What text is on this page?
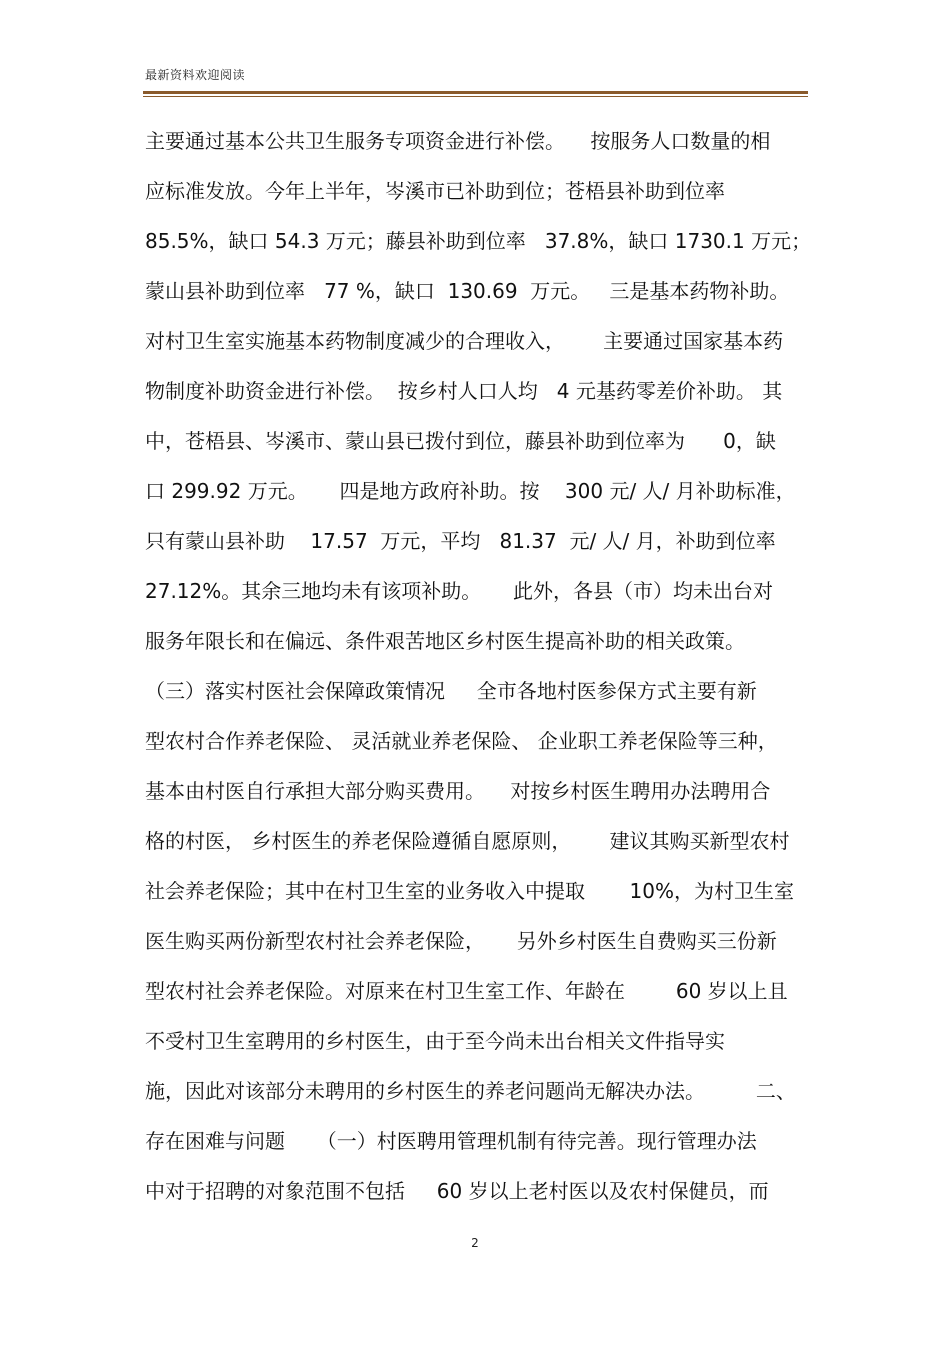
最新资料欢迎阅读
主要通过基本公共卫生服务专项资金进行补偿。    按服务人口数量的相
应标准发放。今年上半年，岑溪市已补助到位；苍梧县补助到位率
85.5%，缺口 54.3 万元；藤县补助到位率   37.8%，缺口 1730.1 万元；
蒙山县补助到位率   77 %，缺口  130.69  万元。   三是基本药物补助。
对村卫生室实施基本药物制度减少的合理收入，      主要通过国家基本药
物制度补助资金进行补偿。  按乡村人口人均   4 元基药零差价补助。 其
中，苍梧县、岑溪市、蒙山县已拨付到位，藤县补助到位率为      0，缺
口 299.92 万元。     四是地方政府补助。按    300 元/ 人/ 月补助标准，
只有蒙山县补助    17.57  万元，平均   81.37  元/ 人/ 月，补助到位率
27.12%。其余三地均未有该项补助。     此外，各县（市）均未出台对
服务年限长和在偏远、条件艰苦地区乡村医生提高补助的相关政策。
（三）落实村医社会保障政策情况     全市各地村医参保方式主要有新
型农村合作养老保险、 灵活就业养老保险、 企业职工养老保险等三种，
基本由村医自行承担大部分购买费用。    对按乡村医生聘用办法聘用合
格的村医， 乡村医生的养老保险遵循自愿原则，      建议其购买新型农村
社会养老保险；其中在村卫生室的业务收入中提取       10%，为村卫生室
医生购买两份新型农村社会养老保险，     另外乡村医生自费购买三份新
型农村社会养老保险。对原来在村卫生室工作、年龄在        60 岁以上且
不受村卫生室聘用的乡村医生，由于至今尚未出台相关文件指导实
施，因此对该部分未聘用的乡村医生的养老问题尚无解决办法。        二、
存在困难与问题     （一）村医聘用管理机制有待完善。现行管理办法
中对于招聘的对象范围不包括     60 岁以上老村医以及农村保健员，而
2
